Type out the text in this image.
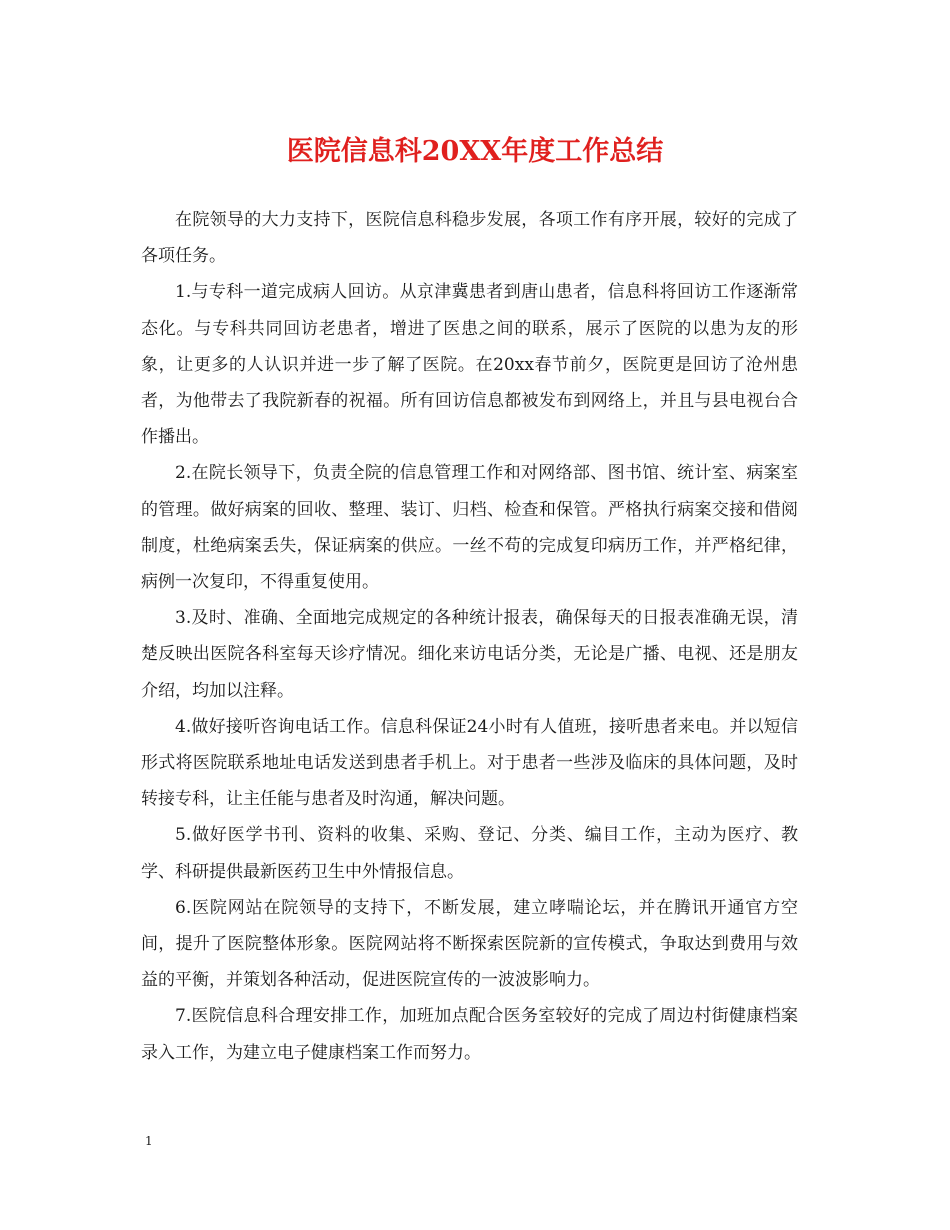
医院信息科20XX年度工作总结

在院领导的大力支持下，医院信息科稳步发展，各项工作有序开展，较好的完成了各项任务。

1.与专科一道完成病人回访。从京津冀患者到唐山患者，信息科将回访工作逐渐常态化。与专科共同回访老患者，增进了医患之间的联系，展示了医院的以患为友的形象，让更多的人认识并进一步了解了医院。在20xx春节前夕，医院更是回访了沧州患者，为他带去了我院新春的祝福。所有回访信息都被发布到网络上，并且与县电视台合作播出。

2.在院长领导下，负责全院的信息管理工作和对网络部、图书馆、统计室、病案室的管理。做好病案的回收、整理、装订、归档、检查和保管。严格执行病案交接和借阅制度，杜绝病案丢失，保证病案的供应。一丝不苟的完成复印病历工作，并严格纪律，病例一次复印，不得重复使用。

3.及时、准确、全面地完成规定的各种统计报表，确保每天的日报表准确无误，清楚反映出医院各科室每天诊疗情况。细化来访电话分类，无论是广播、电视、还是朋友介绍，均加以注释。

4.做好接听咨询电话工作。信息科保证24小时有人值班，接听患者来电。并以短信形式将医院联系地址电话发送到患者手机上。对于患者一些涉及临床的具体问题，及时转接专科，让主任能与患者及时沟通，解决问题。

5.做好医学书刊、资料的收集、采购、登记、分类、编目工作，主动为医疗、教学、科研提供最新医药卫生中外情报信息。

6.医院网站在院领导的支持下，不断发展，建立哮喘论坛，并在腾讯开通官方空间，提升了医院整体形象。医院网站将不断探索医院新的宣传模式，争取达到费用与效益的平衡，并策划各种活动，促进医院宣传的一波波影响力。

7.医院信息科合理安排工作，加班加点配合医务室较好的完成了周边村街健康档案录入工作，为建立电子健康档案工作而努力。

1
